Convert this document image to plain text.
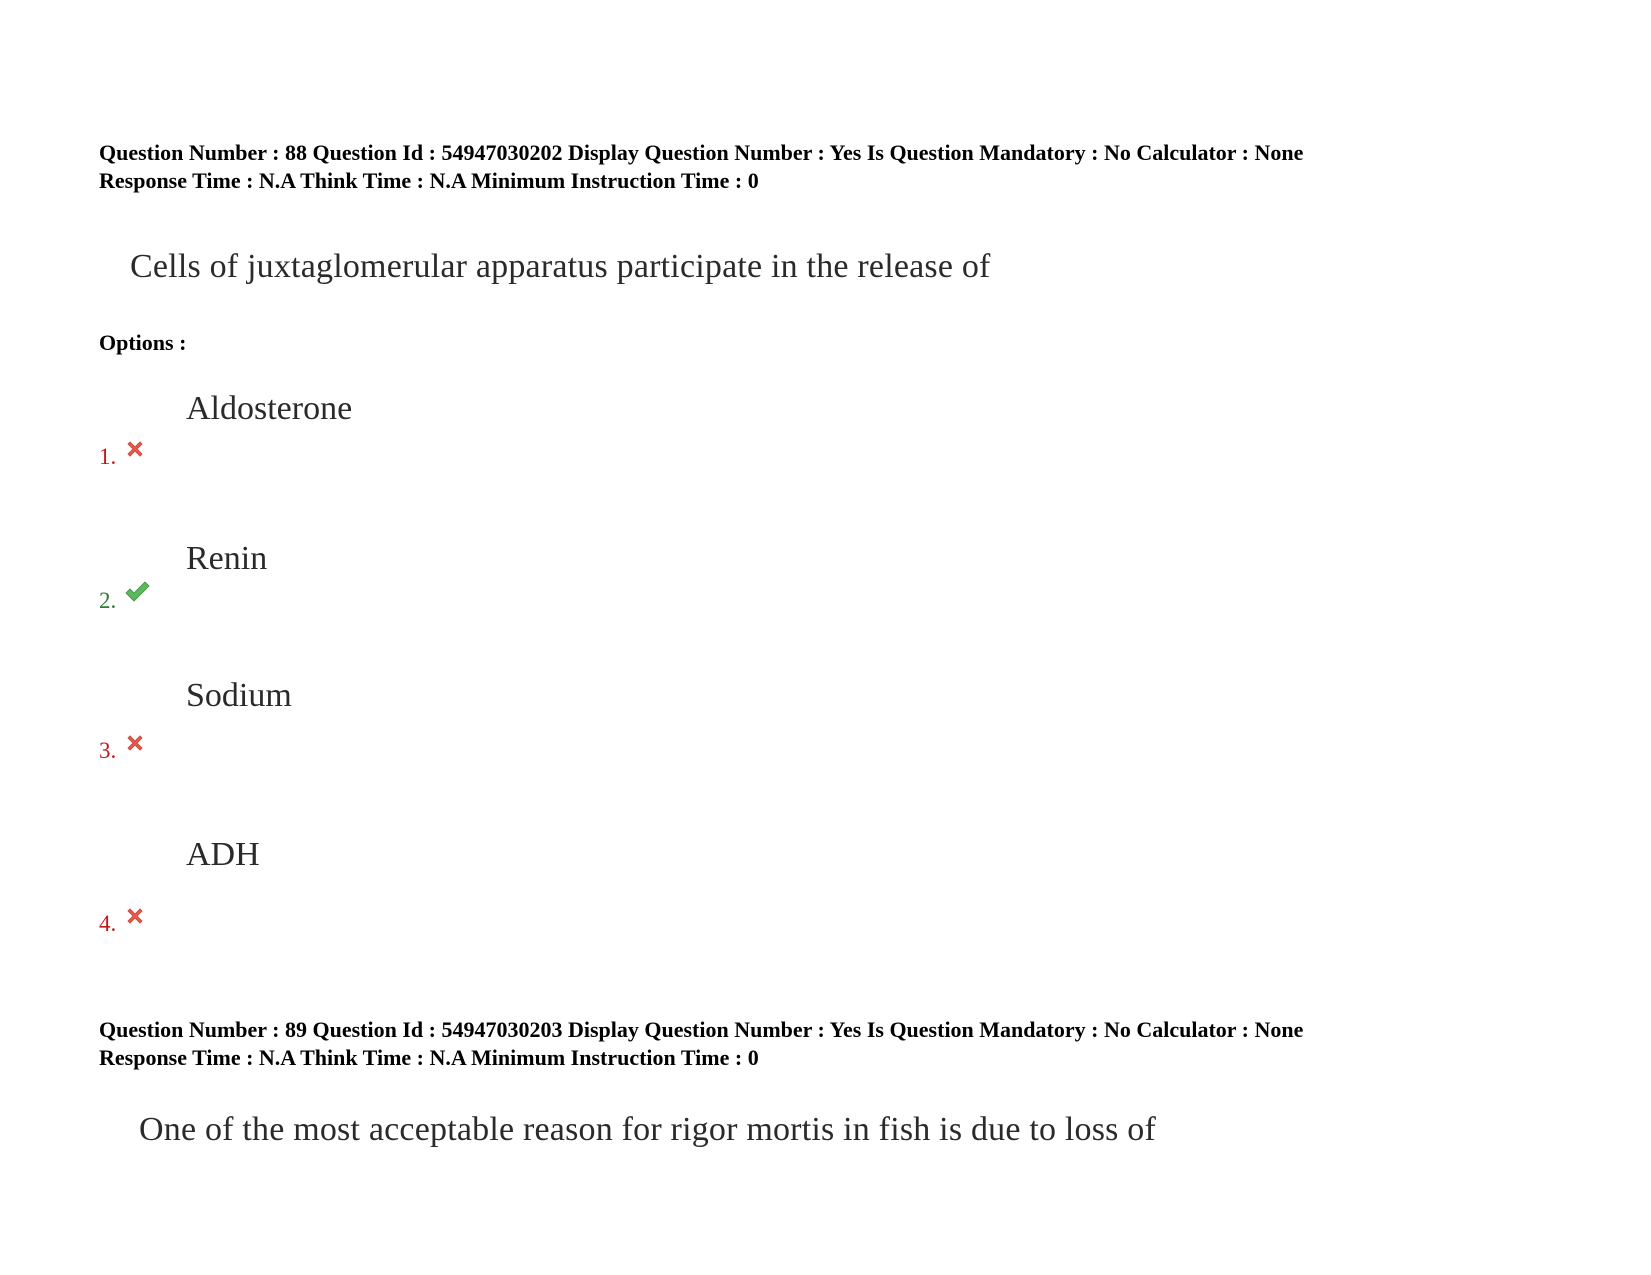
Question Number : 88 Question Id : 54947030202 Display Question Number : Yes Is Question Mandatory : No Calculator : None
Response Time : N.A Think Time : N.A Minimum Instruction Time : 0
Cells of juxtaglomerular apparatus participate in the release of
Options :
Aldosterone
1.
Renin
2.
Sodium
3.
ADH
4.
Question Number : 89 Question Id : 54947030203 Display Question Number : Yes Is Question Mandatory : No Calculator : None
Response Time : N.A Think Time : N.A Minimum Instruction Time : 0
One of the most acceptable reason for rigor mortis in fish is due to loss of
